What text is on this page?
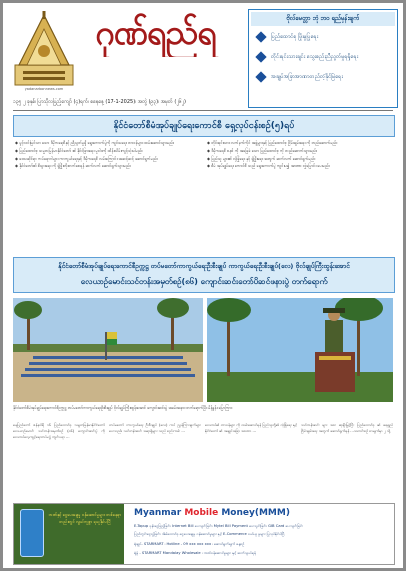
ဂုဏ်ရည်ရ
yadanarbonnews.com
၁၃၅ ၂ ခုနှစ်၊ ပြာသိုလပြည့်ကျော် (၄)ရက်၊ စနေနေ့ (17-1-2025)၊ အတွဲ (၉၃)၊ အမှတ် (၂၆၂)
ဗိုလ်မေတ္တာ ဘုံ ဘဝ ရည်မှန်းချက်
ပြည်ထောင်စု ဖြိုးမှုပြုရေး
တိုင်းရင်းသားချင်း သွေးစည်းညီညွတ်မှုရရှိရေး
အချုပ်အခြာအာဏာတည်တံ့ခိုင်မြဲရေး
နိုင်ငံတော်စီမံအုပ်ချုပ်ရေးကောင်စီ ရှေ့လုပ်ငန်းစဉ်(၅)ရပ်
◆ ပွင့်လင်းမြင်သာ သော ဒီမိုကရေစီနှင့် ညီညွတ်မှုရှိ ရွေးကောက်ပွဲကို ကျင်းပရေး တာဝန်များ ထမ်းဆောင်သွားမည်။
◆ ပြည်ထောင်စု သမ္မတမြန်မာနိုင်ငံတော် ၏ နိုင်ငံခြားရေး မူဝါဒကို ထိန်းသိမ်းကျင့်သုံးပါမည်။
◆ ဒေသဆိုင်ရာ ကပ်ရောဂါများ ကာကွယ်ရေးနှင့် ဒီမိုကရေစီ လမ်းကြောင်း အဆင့်ဆင့် ဆောင်ရွက်မည်။
◆ နိုင်ငံတော်၏ စီးပွားရေး ကို ဖွံ့ဖြိုးတိုးတက်စေရန် ဆက်လက် ဆောင်ရွက်သွားမည်။
◆ တိုင်းရင်းသား လက်နက်ကိုင် အဖွဲ့များနှင့် ပြည်ထောင်စု ငြိမ်းချမ်းရေး ကို တည်ဆောက်မည်။
◆ ဒီမိုကရေစီ စနစ် ကို အခြေခံ သော ပြည်ထောင်စု ကို တည်ဆောက်သွားမည်။
◆ ပြည်သူ များ၏ လုံခြုံရေး နှင့် ဖွံ့ဖြိုးရေး အတွက် ဆက်လက် ဆောင်ရွက်မည်။
◆ စီမံ အုပ်ချုပ်ရေး ကောင်စီ သည် ရွေးကောက်ပွဲ ကျင်းပ၍ အာဏာ လွှဲပြောင်း ပေးမည်။
နိုင်ငံတော်စီမံအုပ်ချုပ်ရေးကောင်စီဥက္ကဋ္ဌ တပ်မတော်ကာကွယ်ရေးဦးစီးချုပ် ကာကွယ်ရေးဦးစီးချုပ်(လေ) ဗိုလ်ချုပ်ကြီးထွန်းအောင်
လေယာဉ်မောင်းသင်တန်းအမှတ်စဉ်(၈၆) ကျောင်းဆင်းတော်ပိဆင်ဖနားပွဲ တက်ရောက်
နိုင်ငံတော်စီမံအုပ်ချုပ်ရေးကောင်စီဥက္ကဋ္ဌ တပ်မတော်ကာကွယ်ရေးဦးစီးချုပ် ဗိုလ်ချုပ်ကြီးထွန်းအောင် ကျောင်းဆင်းပွဲ အခမ်းအနား တက်ရောက်ပြီး မိန့်ခွန်း ပြောကြား
နေပြည်တော် ဇန်နဝါရီ ၁၆ ပြည်ထောင်စု သမ္မတမြန်မာနိုင်ငံတော် လေယာဉ်မောင်း သင်တန်းအမှတ်စဉ် (၈၆) ကျောင်းဆင်းပွဲ ကို လေတပ်လေ့ကျင့်ရေးတပ်မ၌ ကျင်းပရာ ...
တပ်မတော် ကာကွယ်ရေး ဦးစီးချုပ် (လေ) ကပ် ညွှန်ကြားချက်များ ပေးသည်။ သင်တန်းဆင်း အရာရှိများ သည် စည်းကမ်း ...
လေတပ်၏ တာဝန်များ ကို ထမ်းဆောင်ရန် ပြည်သူတို့၏ လုံခြုံရေး နှင့် နိုင်ငံတော် ၏ အချုပ်အခြာ အာဏာ ...
သင်တန်းဆင်း များ အား ဆုချီးမြှင့်ပြီး ပြည်ထောင်စု ၏ ရေရှည် ငြိမ်းချမ်းရေး အတွက် ဆောင်ရွက်ရန် ...သတင်းစဉ် စာမျက်နှာ ၂ သို့
ဘဏ်နှင့် ငွေပေးချေမှု ဝန်ဆောင်မှုများ တစ်နေရာတည်းတွင် လွယ်ကူစွာ ရယူနိုင်ပါပြီ
Myanmar Mobile Money(MMM)
E-Topup ဖုန်းငွေဖြည့်ခြင်း၊ Internet Bill ပေးသွင်းခြင်း၊ Mytel Bill Payment ပေးသွင်းခြင်း၊ GIB Card ပေးသွင်းခြင်း
ပြည်တွင်းငွေလွှဲခြင်း၊ အိမ်ထောင်စု ငွေပေးချေမှု ဝန်ဆောင်မှုများ နှင့် E-Commerce ဝယ်ယူ မှုများ ပြုလုပ်နိုင်ပါပြီ
ရုံချုပ်- STARMART ၊ Hotline - 09 xxx xxx xxx ၊ ဆောင်ရွက်ချက် နေ့စဉ်
ရုံခွဲ - STARMART Mandalay Wholesale ၊ ဘဏ်ဝန်ဆောင်မှုများ နှင့် ဆက်သွယ်ရန်
